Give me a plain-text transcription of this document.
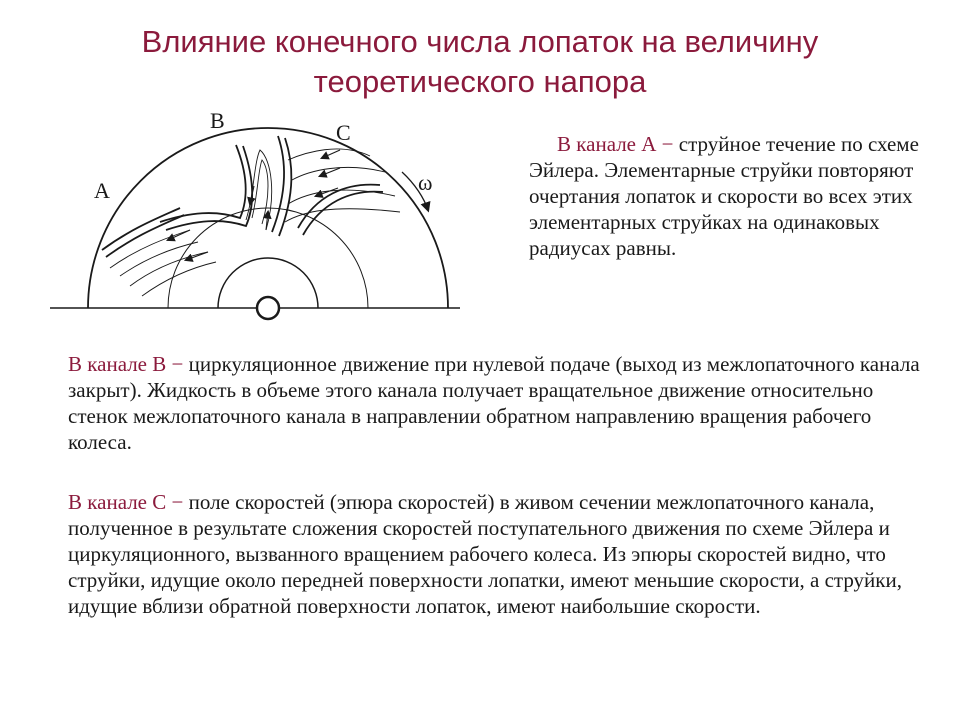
Влияние конечного числа лопаток на величину
теоретического напора
A
B	C
ω
В канале А − струйное течение по схеме Эйлера. Элементарные струйки повторяют очертания лопаток и скорости во всех этих элементарных струйках на одинаковых радиусах равны.
В канале В − циркуляционное движение при нулевой подаче (выход из межлопаточного канала закрыт). Жидкость в объеме этого канала получает вращательное движение относительно стенок межлопаточного канала в направлении обратном направлению вращения рабочего колеса.
В канале С − поле скоростей (эпюра скоростей) в живом сечении межлопаточного канала, полученное в результате сложения скоростей поступательного движения по схеме Эйлера и циркуляционного, вызванного вращением рабочего колеса. Из эпюры скоростей видно, что струйки, идущие около передней поверхности лопатки, имеют меньшие скорости, а струйки, идущие вблизи обратной поверхности лопаток, имеют наибольшие скорости.
